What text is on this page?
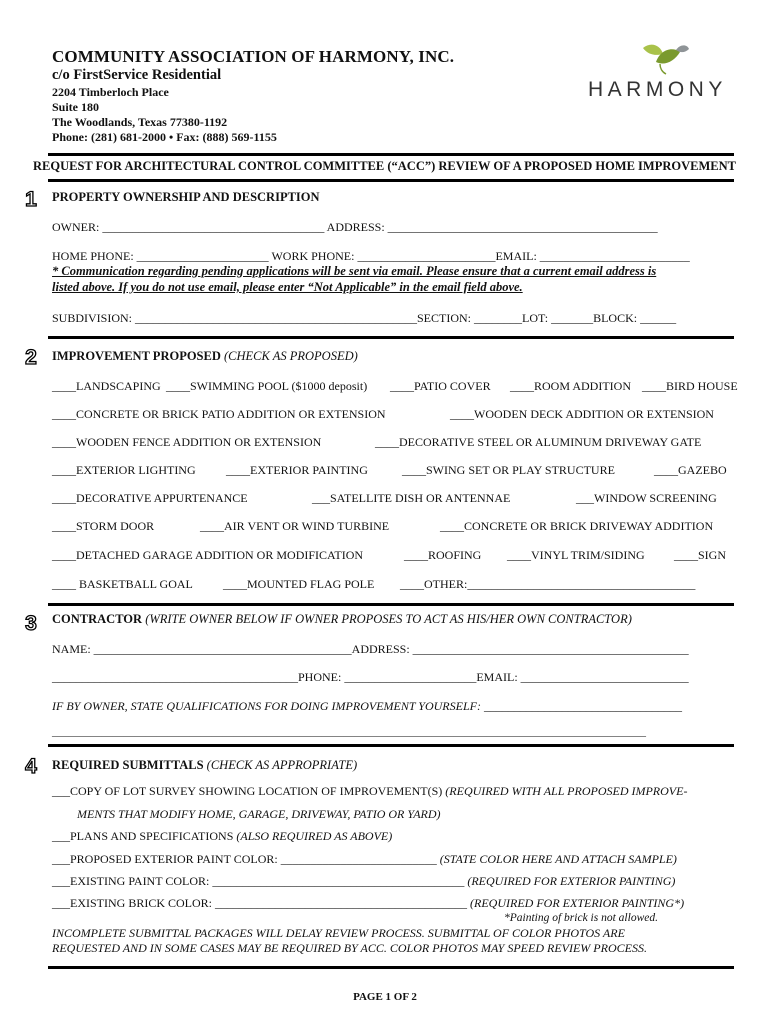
COMMUNITY ASSOCIATION OF HARMONY, INC.
c/o FirstService Residential
2204 Timberloch Place
Suite 180
The Woodlands, Texas 77380-1192
Phone: (281) 681-2000 • Fax: (888) 569-1155
HARMONY
REQUEST FOR ARCHITECTURAL CONTROL COMMITTEE (“ACC”) REVIEW OF A PROPOSED HOME IMPROVEMENT
1 PROPERTY OWNERSHIP AND DESCRIPTION
OWNER: _____________________________________ ADDRESS: _____________________________________________
HOME PHONE: ______________________ WORK PHONE: _______________________EMAIL: _________________________
* Communication regarding pending applications will be sent via email. Please ensure that a current email address is
listed above. If you do not use email, please enter “Not Applicable” in the email field above.
SUBDIVISION: _______________________________________________SECTION: ________LOT: _______BLOCK: ______
2 IMPROVEMENT PROPOSED (CHECK AS PROPOSED)
____LANDSCAPING ____SWIMMING POOL ($1000 deposit) ____PATIO COVER ____ROOM ADDITION ____BIRD HOUSE
____CONCRETE OR BRICK PATIO ADDITION OR EXTENSION	____WOODEN DECK ADDITION OR EXTENSION
____WOODEN FENCE ADDITION OR EXTENSION	____DECORATIVE STEEL OR ALUMINUM DRIVEWAY GATE
____EXTERIOR LIGHTING	____EXTERIOR PAINTING	____SWING SET OR PLAY STRUCTURE	____GAZEBO
____DECORATIVE APPURTENANCE	___SATELLITE DISH OR ANTENNAE	___WINDOW SCREENING
____STORM DOOR	____AIR VENT OR WIND TURBINE	____CONCRETE OR BRICK DRIVEWAY ADDITION
____DETACHED GARAGE ADDITION OR MODIFICATION	____ROOFING ____VINYL TRIM/SIDING ____SIGN
____ BASKETBALL GOAL	____MOUNTED FLAG POLE ____OTHER:______________________________________
3 CONTRACTOR (WRITE OWNER BELOW IF OWNER PROPOSES TO ACT AS HIS/HER OWN CONTRACTOR)
NAME: ___________________________________________ADDRESS: ______________________________________________
_________________________________________PHONE: ______________________EMAIL: ____________________________
IF BY OWNER, STATE QUALIFICATIONS FOR DOING IMPROVEMENT YOURSELF: _________________________________
____________________________________________________________________________________________________________
4 REQUIRED SUBMITTALS (CHECK AS APPROPRIATE)
___COPY OF LOT SURVEY SHOWING LOCATION OF IMPROVEMENT(S) (REQUIRED WITH ALL PROPOSED IMPROVE-
MENTS THAT MODIFY HOME, GARAGE, DRIVEWAY, PATIO OR YARD)
___PLANS AND SPECIFICATIONS (ALSO REQUIRED AS ABOVE)
___PROPOSED EXTERIOR PAINT COLOR: __________________________ (STATE COLOR HERE AND ATTACH SAMPLE)
___EXISTING PAINT COLOR: __________________________________________ (REQUIRED FOR EXTERIOR PAINTING)
___EXISTING BRICK COLOR: __________________________________________ (REQUIRED FOR EXTERIOR PAINTING*)
*Painting of brick is not allowed.
INCOMPLETE SUBMITTAL PACKAGES WILL DELAY REVIEW PROCESS. SUBMITTAL OF COLOR PHOTOS ARE
REQUESTED AND IN SOME CASES MAY BE REQUIRED BY ACC. COLOR PHOTOS MAY SPEED REVIEW PROCESS.
PAGE 1 OF 2
